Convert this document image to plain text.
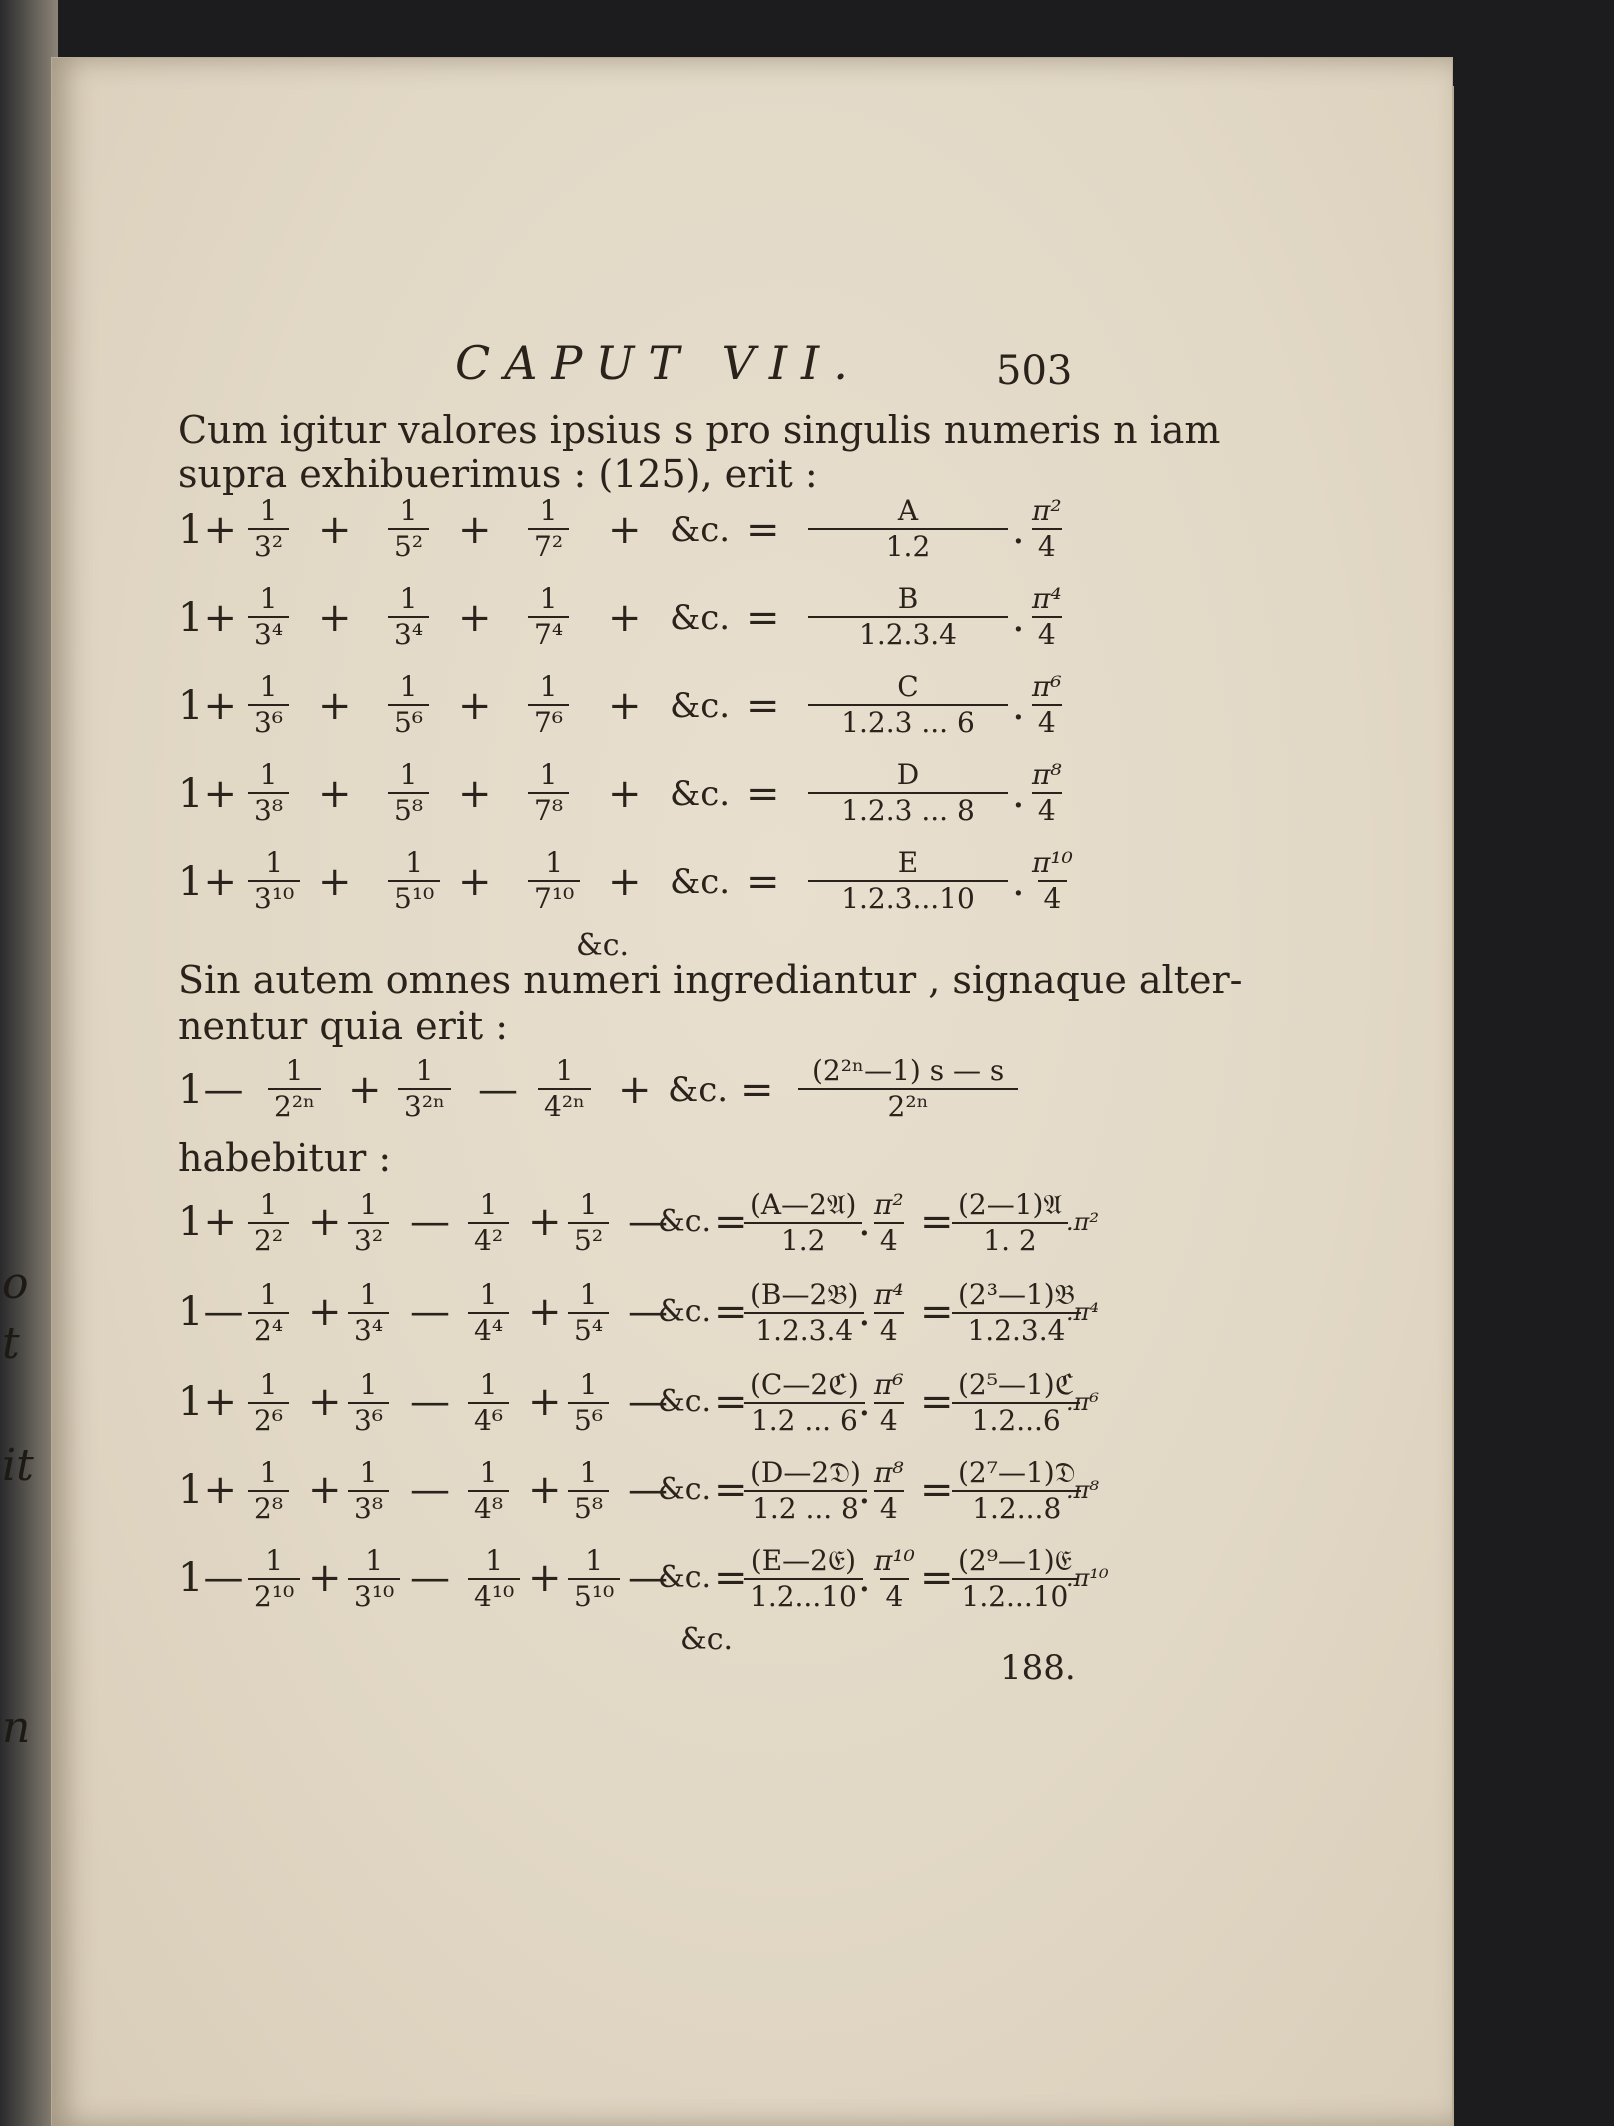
o
t
it
n
CAPUT VII.	503
Cum igitur valores ipsius s pro singulis numeris n iam
supra exhibuerimus : (125), erit :
$1+ \frac{1}{\text{3²}} + \frac{1}{\text{5²}} + \frac{1}{\text{7²}}$ + &c. = $\frac{A}{1.2}$ . $\frac{\text{π²}}{4}$
$1+ \frac{1}{\text{3⁴}} + \frac{1}{\text{3⁴}} + \frac{1}{\text{7⁴}}$ + &c. = $\frac{B}{1.2.3.4}$ . $\frac{\text{π⁴}}{4}$
$1+ \frac{1}{\text{3⁶}} + \frac{1}{\text{5⁶}} + \frac{1}{\text{7⁶}}$ + &c. = $\frac{C}{1.2.3 ... 6}$ . $\frac{\text{π⁶}}{4}$
$1+ \frac{1}{\text{3⁸}} + \frac{1}{\text{5⁸}} + \frac{1}{\text{7⁸}}$ + &c. = $\frac{D}{1.2.3 ... 8}$ . $\frac{\text{π⁸}}{4}$
$1+ \frac{1}{\text{3¹⁰}} + \frac{1}{\text{5¹⁰}} + \frac{1}{\text{7¹⁰}}$ + &c. = $\frac{E}{1.2.3...10}$ . $\frac{\text{π¹⁰}}{4}$
&c.
Sin autem omnes numeri ingrediantur , signaque alter-
nentur quia erit :
1— $\frac{1}{\text{2²ⁿ}} + \frac{1}{\text{3²ⁿ}}$ — $\frac{1}{\text{4²ⁿ}}$ + &c. = $\frac{\text{(2²ⁿ—1) s — s}}{\text{2²ⁿ}}$
habebitur :
$1+ \frac{1}{\text{2²}} + \frac{1}{\text{3²}}$ — $\frac{1}{\text{4²}} + \frac{1}{\text{5²}}$ —
&c. = (A—2𝔄)
1.2 .
$\frac{\text{π²}}{4}$ = (2—1)𝔄
1. 2
.π²
1— $\frac{1}{\text{2⁴}} + \frac{1}{\text{3⁴}}$ — $\frac{1}{\text{4⁴}} + \frac{1}{\text{5⁴}}$ —
&c. = (B—2𝔅)
1.2.3.4 .
$\frac{\text{π⁴}}{4}$ = (2³—1)𝔅
1.2.3.4
.π⁴
$1+ \frac{1}{\text{2⁶}} + \frac{1}{\text{3⁶}}$ — $\frac{1}{\text{4⁶}} + \frac{1}{\text{5⁶}}$ —
&c. = (C—2ℭ)
1.2 ... 6 .
$\frac{\text{π⁶}}{4}$ = (2⁵—1)ℭ
1.2...6
.π⁶
$1+ \frac{1}{\text{2⁸}} + \frac{1}{\text{3⁸}}$ — $\frac{1}{\text{4⁸}} + \frac{1}{\text{5⁸}}$ —
&c. = (D—2𝔇)
1.2 ... 8 .
$\frac{\text{π⁸}}{4}$ = (2⁷—1)𝔇
1.2...8
.π⁸
1— $\frac{1}{\text{2¹⁰}} + \frac{1}{\text{3¹⁰}}$ — $\frac{1}{\text{4¹⁰}} + \frac{1}{\text{5¹⁰}}$ —
&c. = (E—2𝔈)
1.2...10 .
$\frac{\text{π¹⁰}}{4}$ = (2⁹—1)𝔈
1.2...10
.π¹⁰
&c.
188.
